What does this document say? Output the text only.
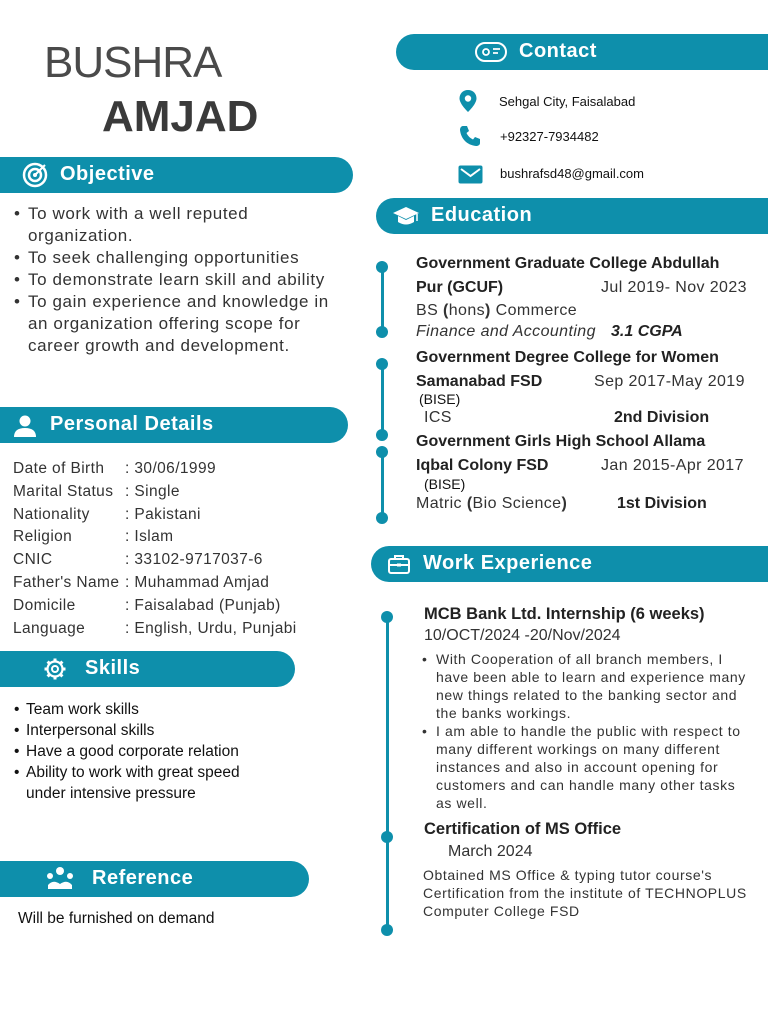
BUSHRA
AMJAD
Objective
• To work with a well reputed organization.
• To seek challenging opportunities
• To demonstrate learn skill and ability
• To gain experience and knowledge in an organization offering scope for career growth and development.
Personal Details
Date of Birth : 30/06/1999
Marital Status : Single
Nationality : Pakistani
Religion	: Islam
CNIC	: 33102-9717037-6
Father's Name : Muhammad Amjad
Domicile	: Faisalabad (Punjab)
Language	: English, Urdu, Punjabi
Skills
• Team work skills
• Interpersonal skills
• Have a good corporate relation
• Ability to work with great speed under intensive pressure
Reference
Will be furnished on demand
Contact
Sehgal City, Faisalabad
+92327-7934482
bushrafsd48@gmail.com
Education
Government Graduate College Abdullah
Pur (GCUF)	Jul 2019- Nov 2023
BS (hons) Commerce
Finance and Accounting 3.1 CGPA
Government Degree College for Women
Samanabad FSD	Sep 2017-May 2019
(BISE)
ICS	2nd Division
Government Girls High School Allama
Iqbal Colony FSD	Jan 2015-Apr 2017
(BISE)
Matric (Bio Science)	1st Division
Work Experience
MCB Bank Ltd. Internship (6 weeks)
10/OCT/2024 -20/Nov/2024
• With Cooperation of all branch members, I have been able to learn and experience many new things related to the banking sector and the banks workings.
• I am able to handle the public with respect to many different workings on many different instances and also in account opening for customers and can handle many other tasks as well.
Certification of MS Office
March 2024
Obtained MS Office & typing tutor course's Certification from the institute of TECHNOPLUS Computer College FSD
